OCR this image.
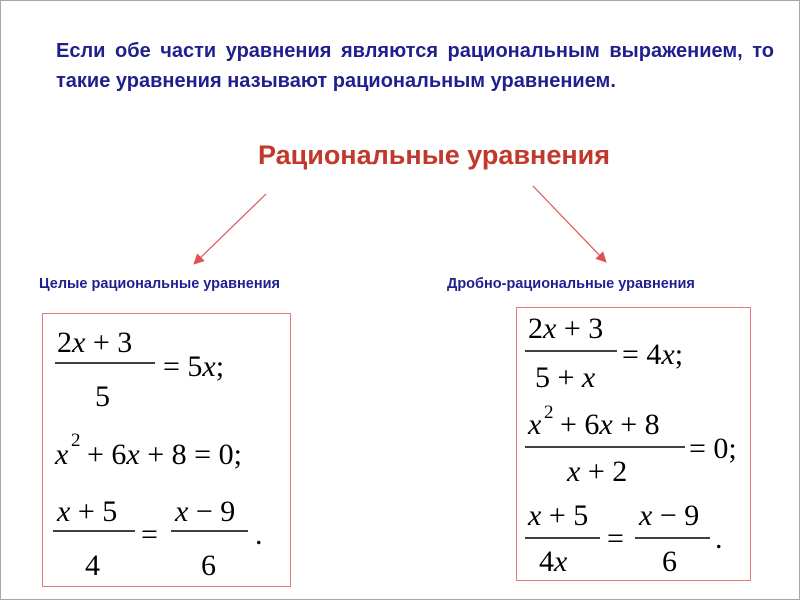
Если обе части уравнения являются рациональным выражением, то такие уравнения называют рациональным уравнением.
Рациональные уравнения
Целые рациональные уравнения	Дробно-рациональные уравнения
2x + 3
5
= 5x;
x 2 + 6x + 8 = 0;
x + 5
4
=
x − 9
6
.
2x + 3
5 + x
= 4x;
x 2 + 6x + 8
x + 2
= 0;
x + 5
4x
=
x − 9
6
.
